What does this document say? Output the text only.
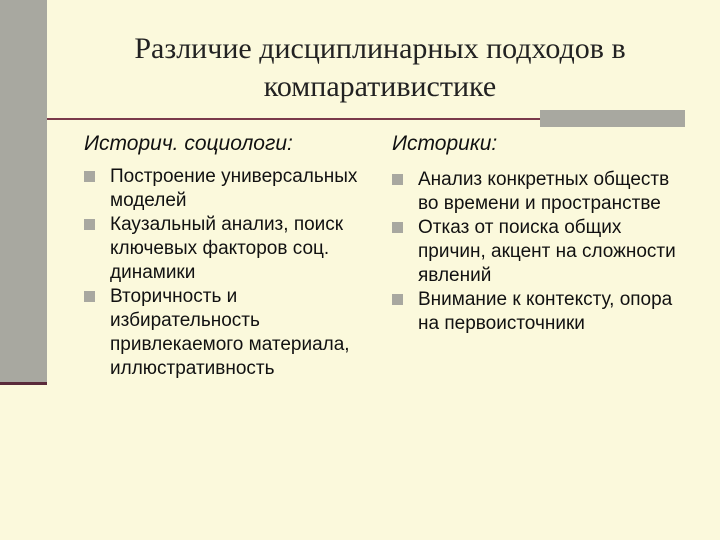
Различие дисциплинарных подходов в
компаративистике
Историч. социологи:
Построение универсальных моделей
Каузальный анализ, поиск ключевых факторов соц. динамики
Вторичность и избирательность привлекаемого материала, иллюстративность
Историки:
Анализ конкретных обществ во времени и пространстве
Отказ от поиска общих причин, акцент на сложности явлений
Внимание к контексту, опора на первоисточники
